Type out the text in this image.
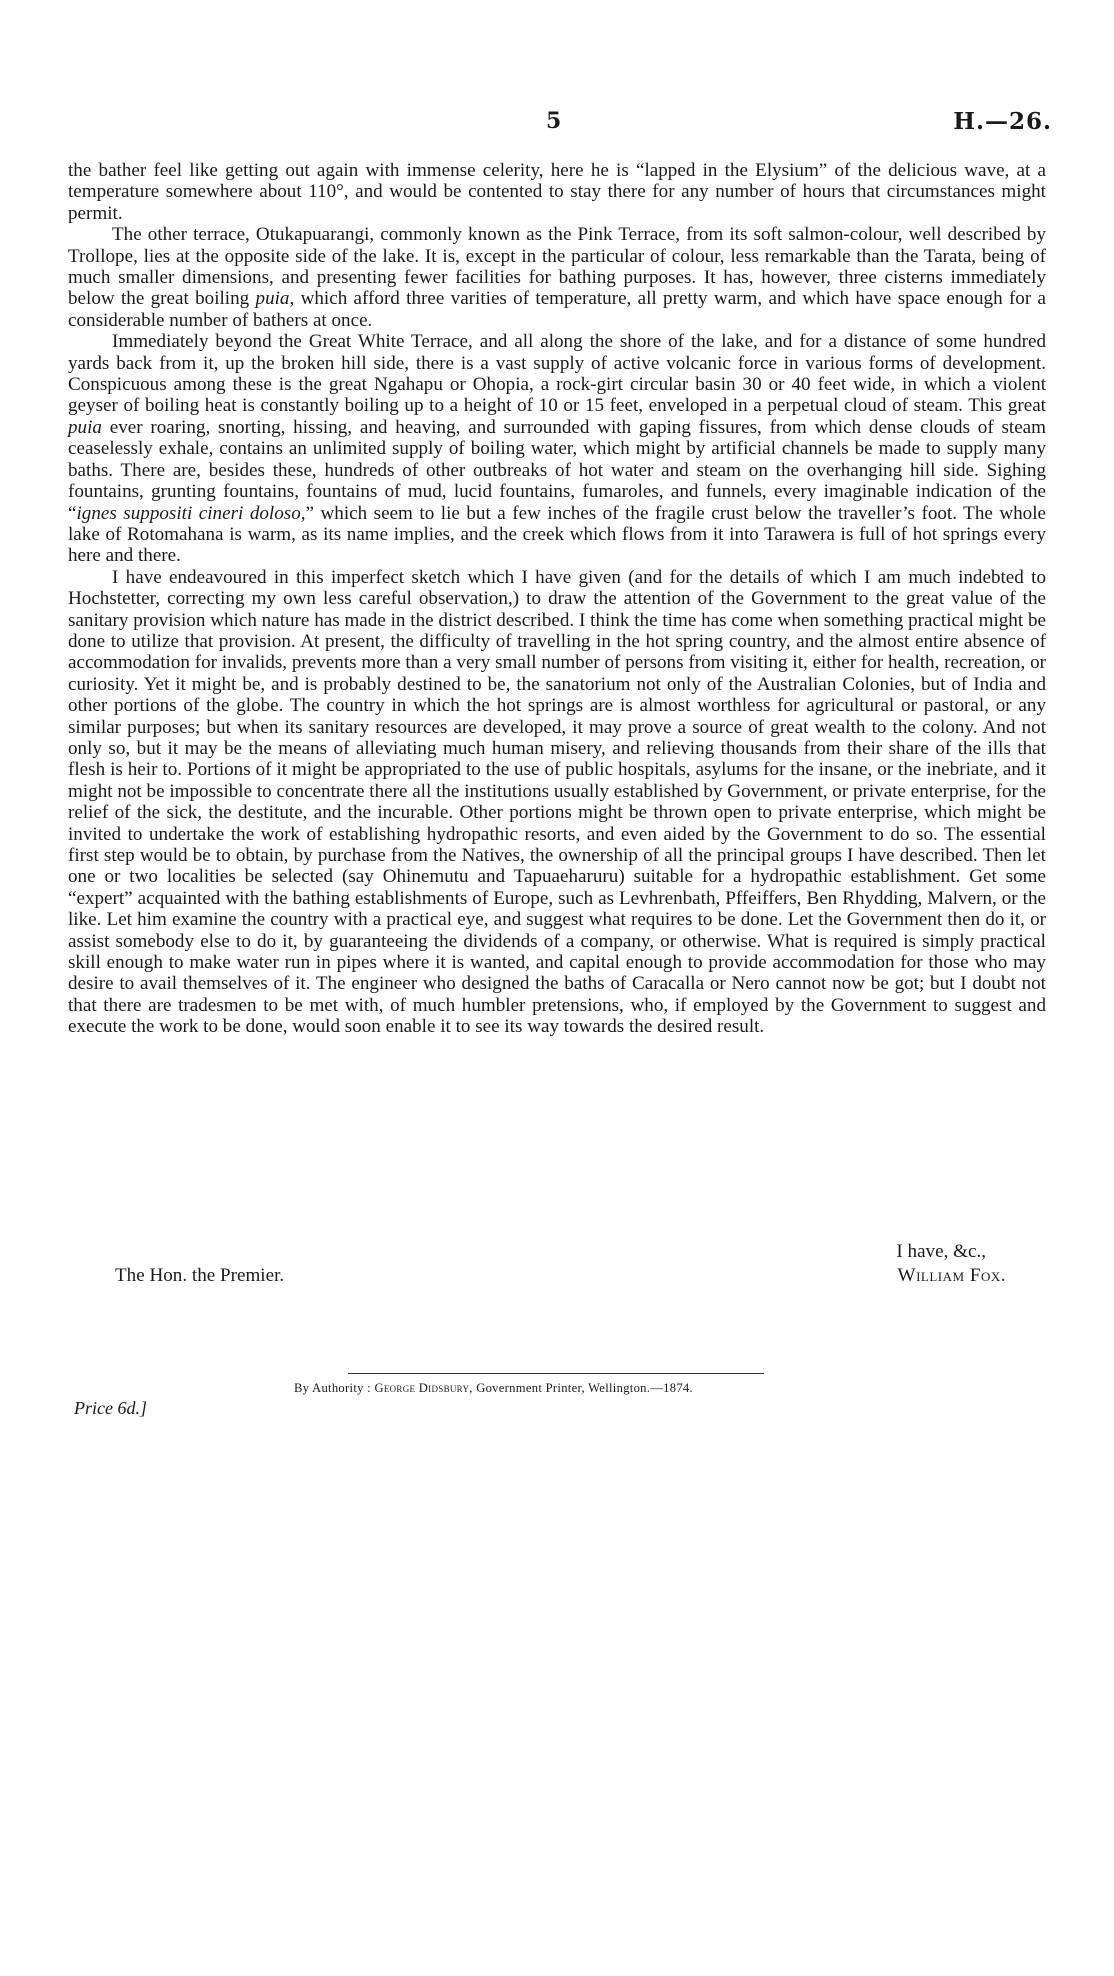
5	H.—26.

the bather feel like getting out again with immense celerity, here he is “lapped in the Elysium” of the delicious wave, at a temperature somewhere about 110°, and would be contented to stay there for any number of hours that circumstances might permit.

The other terrace, Otukapuarangi, commonly known as the Pink Terrace, from its soft salmon-colour, well described by Trollope, lies at the opposite side of the lake. It is, except in the particular of colour, less remarkable than the Tarata, being of much smaller dimensions, and presenting fewer facilities for bathing purposes. It has, however, three cisterns immediately below the great boiling puia, which afford three varities of temperature, all pretty warm, and which have space enough for a considerable number of bathers at once.

Immediately beyond the Great White Terrace, and all along the shore of the lake, and for a distance of some hundred yards back from it, up the broken hill side, there is a vast supply of active volcanic force in various forms of development. Conspicuous among these is the great Ngahapu or Ohopia, a rock-girt circular basin 30 or 40 feet wide, in which a violent geyser of boiling heat is constantly boiling up to a height of 10 or 15 feet, enveloped in a perpetual cloud of steam. This great puia ever roaring, snorting, hissing, and heaving, and surrounded with gaping fissures, from which dense clouds of steam ceaselessly exhale, contains an unlimited supply of boiling water, which might by artificial channels be made to supply many baths. There are, besides these, hundreds of other outbreaks of hot water and steam on the overhanging hill side. Sighing fountains, grunting fountains, fountains of mud, lucid fountains, fumaroles, and funnels, every imaginable indication of the “ignes suppositi cineri doloso,” which seem to lie but a few inches of the fragile crust below the traveller’s foot. The whole lake of Rotomahana is warm, as its name implies, and the creek which flows from it into Tarawera is full of hot springs every here and there.

I have endeavoured in this imperfect sketch which I have given (and for the details of which I am much indebted to Hochstetter, correcting my own less careful observation,) to draw the attention of the Government to the great value of the sanitary provision which nature has made in the district described. I think the time has come when something practical might be done to utilize that provision. At present, the difficulty of travelling in the hot spring country, and the almost entire absence of accommodation for invalids, prevents more than a very small number of persons from visiting it, either for health, recreation, or curiosity. Yet it might be, and is probably destined to be, the sanatorium not only of the Australian Colonies, but of India and other portions of the globe. The country in which the hot springs are is almost worthless for agricultural or pastoral, or any similar purposes; but when its sanitary resources are developed, it may prove a source of great wealth to the colony. And not only so, but it may be the means of alleviating much human misery, and relieving thousands from their share of the ills that flesh is heir to. Portions of it might be appropriated to the use of public hospitals, asylums for the insane, or the inebriate, and it might not be impossible to concentrate there all the institutions usually established by Government, or private enterprise, for the relief of the sick, the destitute, and the incurable. Other portions might be thrown open to private enterprise, which might be invited to undertake the work of establishing hydropathic resorts, and even aided by the Government to do so. The essential first step would be to obtain, by purchase from the Natives, the ownership of all the principal groups I have described. Then let one or two localities be selected (say Ohinemutu and Tapuaeharuru) suitable for a hydropathic establishment. Get some “expert” acquainted with the bathing establishments of Europe, such as Levhrenbath, Pffeiffers, Ben Rhydding, Malvern, or the like. Let him examine the country with a practical eye, and suggest what requires to be done. Let the Government then do it, or assist somebody else to do it, by guaranteeing the dividends of a company, or otherwise. What is required is simply practical skill enough to make water run in pipes where it is wanted, and capital enough to provide accommodation for those who may desire to avail themselves of it. The engineer who designed the baths of Caracalla or Nero cannot now be got; but I doubt not that there are tradesmen to be met with, of much humbler pretensions, who, if employed by the Government to suggest and execute the work to be done, would soon enable it to see its way towards the desired result.

I have, &c.,
The Hon. the Premier.	William Fox.
By Authority : George Didsbury, Government Printer, Wellington.—1874.
Price 6d.]
